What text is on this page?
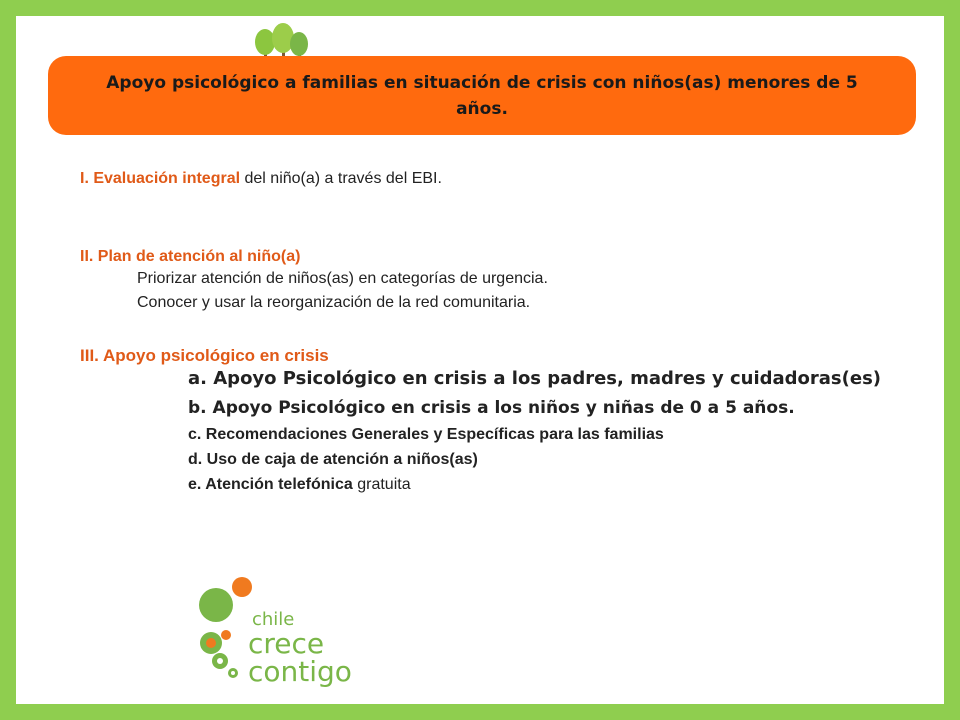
Apoyo psicológico a familias en situación de crisis con niños(as) menores de 5 años.
I. Evaluación integral del niño(a) a través del EBI.
II. Plan de atención al niño(a)
Priorizar atención de niños(as) en categorías de urgencia.
Conocer y usar la reorganización de la red comunitaria.
III. Apoyo psicológico en crisis
a. Apoyo Psicológico en crisis a los padres, madres y cuidadoras(es)
b. Apoyo Psicológico en crisis a los niños y niñas de 0 a 5 años.
c. Recomendaciones Generales y Específicas para las familias
d. Uso de caja de atención a niños(as)
e. Atención telefónica gratuita
chile
crece
contigo
